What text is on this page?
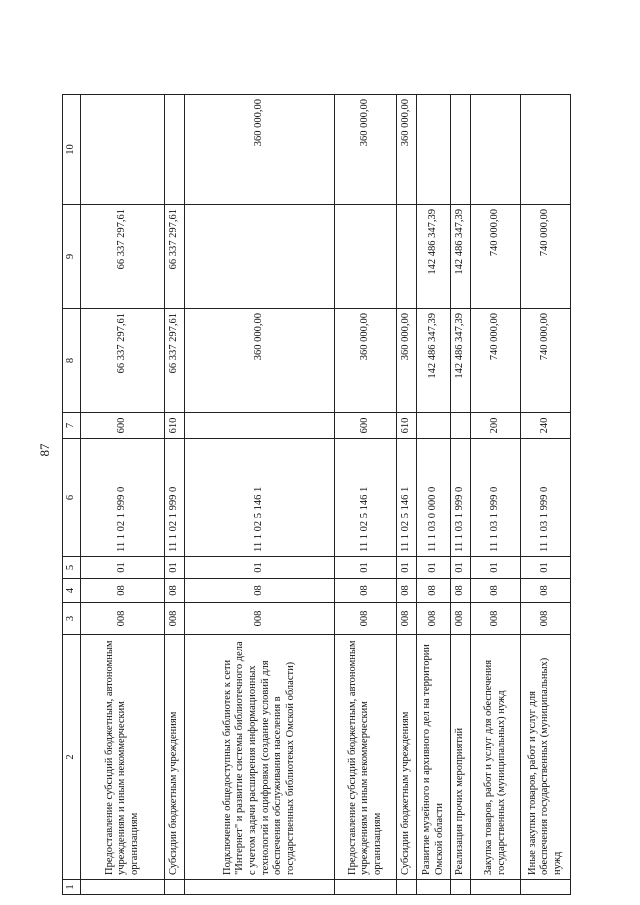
87
1	2	3	4	5	6	7	8	9	10
	Предоставление субсидий бюджетным, автономным учреждениям и иным некоммерческим организациям	008	08	01	11 1 02 1 999 0	600	66 337 297,61	66 337 297,61	
	Субсидии бюджетным учреждениям	008	08	01	11 1 02 1 999 0	610	66 337 297,61	66 337 297,61	
	Подключение общедоступных библиотек к сети "Интернет" и развитие системы библиотечного дела с учетом задачи расширения информационных технологий и оцифровки (создание условий для обеспечения обслуживания населения в государственных библиотеках Омской области)	008	08	01	11 1 02 5 146 1		360 000,00		360 000,00
	Предоставление субсидий бюджетным, автономным учреждениям и иным некоммерческим организациям	008	08	01	11 1 02 5 146 1	600	360 000,00		360 000,00
	Субсидии бюджетным учреждениям	008	08	01	11 1 02 5 146 1	610	360 000,00		360 000,00
	Развитие музейного и архивного дел на территории Омской области	008	08	01	11 1 03 0 000 0		142 486 347,39	142 486 347,39	
	Реализация прочих мероприятий	008	08	01	11 1 03 1 999 0		142 486 347,39	142 486 347,39	
	Закупка товаров, работ и услуг для обеспечения государственных (муниципальных) нужд	008	08	01	11 1 03 1 999 0	200	740 000,00	740 000,00	
	Иные закупки товаров, работ и услуг для обеспечения государственных (муниципальных) нужд	008	08	01	11 1 03 1 999 0	240	740 000,00	740 000,00	
